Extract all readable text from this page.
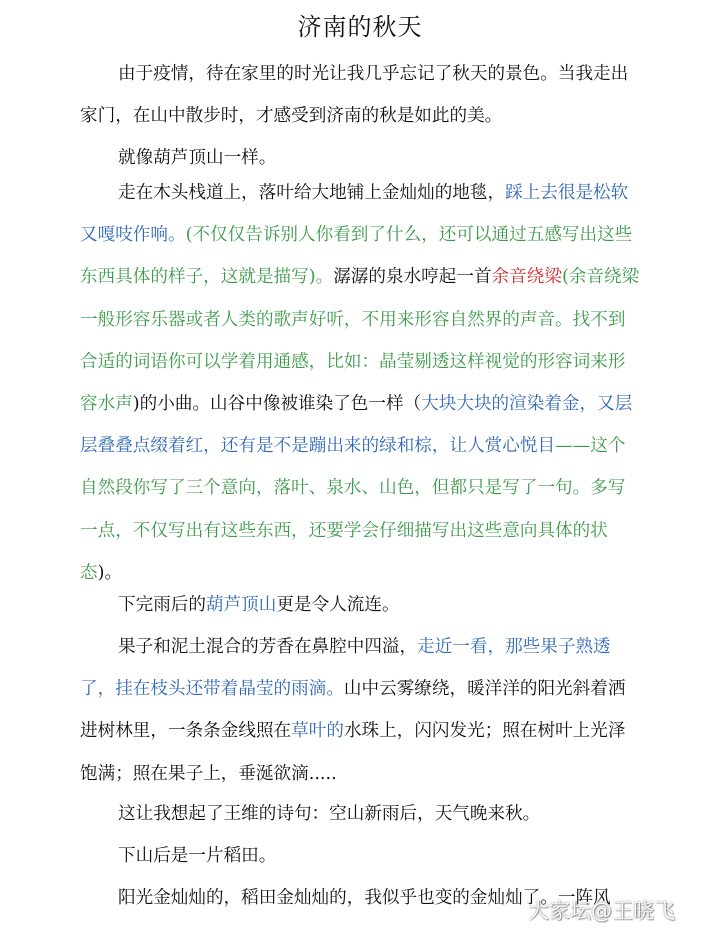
济南的秋天

由于疫情，待在家里的时光让我几乎忘记了秋天的景色。当我走出家门，在山中散步时，才感受到济南的秋是如此的美。

就像葫芦顶山一样。

走在木头栈道上，落叶给大地铺上金灿灿的地毯，踩上去很是松软又嘎吱作响。(不仅仅告诉别人你看到了什么，还可以通过五感写出这些东西具体的样子，这就是描写)。潺潺的泉水哼起一首余音绕梁(余音绕梁一般形容乐器或者人类的歌声好听，不用来形容自然界的声音。找不到合适的词语你可以学着用通感，比如：晶莹剔透这样视觉的形容词来形容水声)的小曲。山谷中像被谁染了色一样（大块大块的渲染着金，又层层叠叠点缀着红，还有是不是蹦出来的绿和棕，让人赏心悦目——这个自然段你写了三个意向，落叶、泉水、山色，但都只是写了一句。多写一点，不仅写出有这些东西，还要学会仔细描写出这些意向具体的状态)。

下完雨后的葫芦顶山更是令人流连。

果子和泥土混合的芳香在鼻腔中四溢，走近一看，那些果子熟透了，挂在枝头还带着晶莹的雨滴。山中云雾缭绕，暖洋洋的阳光斜着洒进树林里，一条条金线照在草叶的水珠上，闪闪发光；照在树叶上光泽饱满；照在果子上，垂涎欲滴.....

这让我想起了王维的诗句：空山新雨后，天气晚来秋。

下山后是一片稻田。

阳光金灿灿的，稻田金灿灿的，我似乎也变的金灿灿了。一阵风

大家坛@王晓飞
